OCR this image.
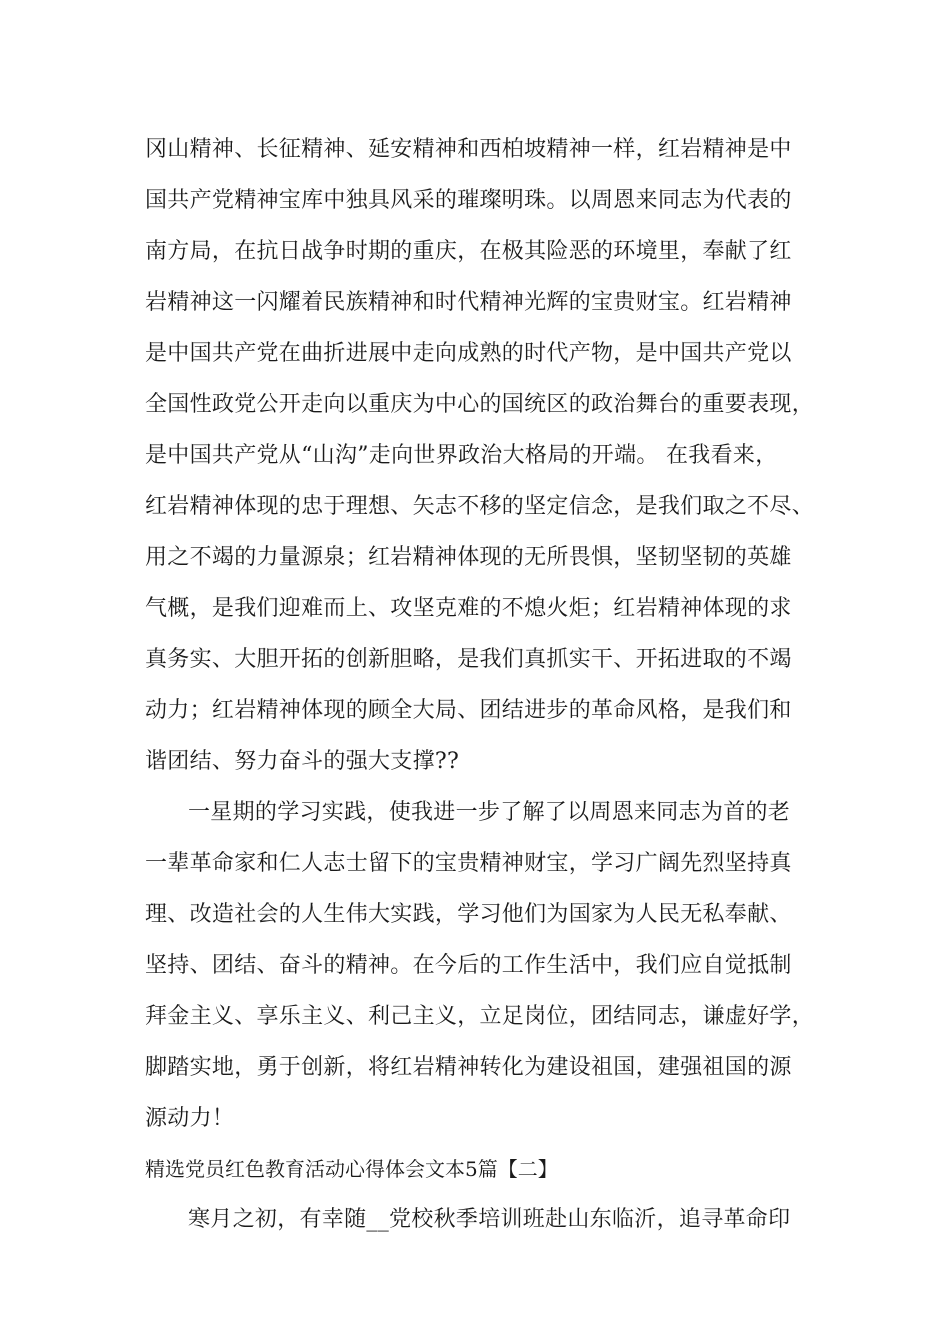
冈山精神、长征精神、延安精神和西柏坡精神一样，红岩精神是中
国共产党精神宝库中独具风采的璀璨明珠。以周恩来同志为代表的
南方局，在抗日战争时期的重庆，在极其险恶的环境里，奉献了红
岩精神这一闪耀着民族精神和时代精神光辉的宝贵财宝。红岩精神
是中国共产党在曲折进展中走向成熟的时代产物，是中国共产党以
全国性政党公开走向以重庆为中心的国统区的政治舞台的重要表现，
是中国共产党从“山沟”走向世界政治大格局的开端。 在我看来，
红岩精神体现的忠于理想、矢志不移的坚定信念，是我们取之不尽、
用之不竭的力量源泉；红岩精神体现的无所畏惧，坚韧坚韧的英雄
气概，是我们迎难而上、攻坚克难的不熄火炬；红岩精神体现的求
真务实、大胆开拓的创新胆略，是我们真抓实干、开拓进取的不竭
动力；红岩精神体现的顾全大局、团结进步的革命风格，是我们和
谐团结、努力奋斗的强大支撑??
一星期的学习实践，使我进一步了解了以周恩来同志为首的老
一辈革命家和仁人志士留下的宝贵精神财宝，学习广阔先烈坚持真
理、改造社会的人生伟大实践，学习他们为国家为人民无私奉献、
坚持、团结、奋斗的精神。在今后的工作生活中，我们应自觉抵制
拜金主义、享乐主义、利己主义，立足岗位，团结同志，谦虚好学，
脚踏实地，勇于创新，将红岩精神转化为建设祖国，建强祖国的源
源动力！
精选党员红色教育活动心得体会文本5篇【二】
寒月之初，有幸随__党校秋季培训班赴山东临沂，追寻革命印
